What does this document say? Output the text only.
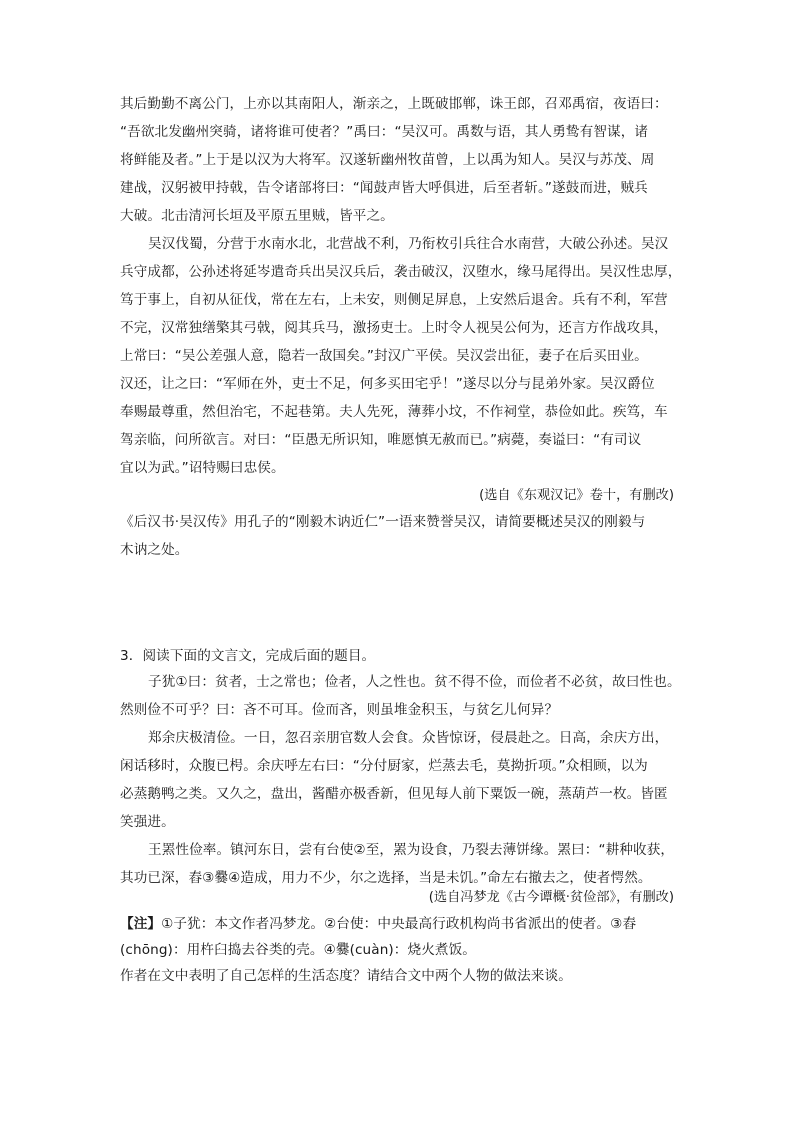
其后勤勤不离公门，上亦以其南阳人，渐亲之，上既破邯郸，诛王郎，召邓禹宿，夜语曰：
“吾欲北发幽州突骑，诸将谁可使者？”禹曰：“吴汉可。禹数与语，其人勇鸷有智谋，诸
将鲜能及者。”上于是以汉为大将军。汉遂斩幽州牧苗曾，上以禹为知人。吴汉与苏茂、周
建战，汉躬被甲持戟，告令诸部将曰：“闻鼓声皆大呼俱进，后至者斩。”遂鼓而进，贼兵
大破。北击清河长垣及平原五里贼，皆平之。
吴汉伐蜀，分营于水南水北，北营战不利，乃衔枚引兵往合水南营，大破公孙述。吴汉
兵守成都，公孙述将延岑遣奇兵出吴汉兵后，袭击破汉，汉堕水，缘马尾得出。吴汉性忠厚，
笃于事上，自初从征伐，常在左右，上未安，则侧足屏息，上安然后退舍。兵有不利，军营
不完，汉常独缮檠其弓戟，阅其兵马，激扬吏士。上时令人视吴公何为，还言方作战攻具，
上常曰：“吴公差强人意，隐若一敌国矣。”封汉广平侯。吴汉尝出征，妻子在后买田业。
汉还，让之曰：“军师在外，吏士不足，何多买田宅乎！”遂尽以分与昆弟外家。吴汉爵位
奉赐最尊重，然但治宅，不起巷第。夫人先死，薄葬小坟，不作祠堂，恭俭如此。疾笃，车
驾亲临，问所欲言。对曰：“臣愚无所识知，唯愿慎无赦而已。”病薨，奏谥曰：“有司议
宜以为武。”诏特赐曰忠侯。
(选自《东观汉记》卷十，有删改)
《后汉书·吴汉传》用孔子的“刚毅木讷近仁”一语来赞誉吴汉，请简要概述吴汉的刚毅与
木讷之处。
3．阅读下面的文言文，完成后面的题目。
子犹①曰：贫者，士之常也；俭者，人之性也。贫不得不俭，而俭者不必贫，故曰性也。
然则俭不可乎？曰：吝不可耳。俭而吝，则虽堆金积玉，与贫乞儿何异？
郑余庆极清俭。一日，忽召亲朋官数人会食。众皆惊讶，侵晨赴之。日高，余庆方出，
闲话移时，众腹已枵。余庆呼左右曰：“分付厨家，烂蒸去毛，莫拗折项。”众相顾，以为
必蒸鹅鸭之类。又久之，盘出，酱醋亦极香新，但见每人前下粟饭一碗，蒸葫芦一枚。皆匿
笑强进。
王罴性俭率。镇河东日，尝有台使②至，罴为设食，乃裂去薄饼缘。罴曰：“耕种收获，
其功已深，舂③爨④造成，用力不少，尔之选择，当是未饥。”命左右撤去之，使者愕然。
(选自冯梦龙《古今谭概·贫俭部》，有删改)
【注】①子犹：本文作者冯梦龙。②台使：中央最高行政机构尚书省派出的使者。③舂
(chōng)：用杵臼捣去谷类的壳。④爨(cuàn)：烧火煮饭。
作者在文中表明了自己怎样的生活态度？请结合文中两个人物的做法来谈。
